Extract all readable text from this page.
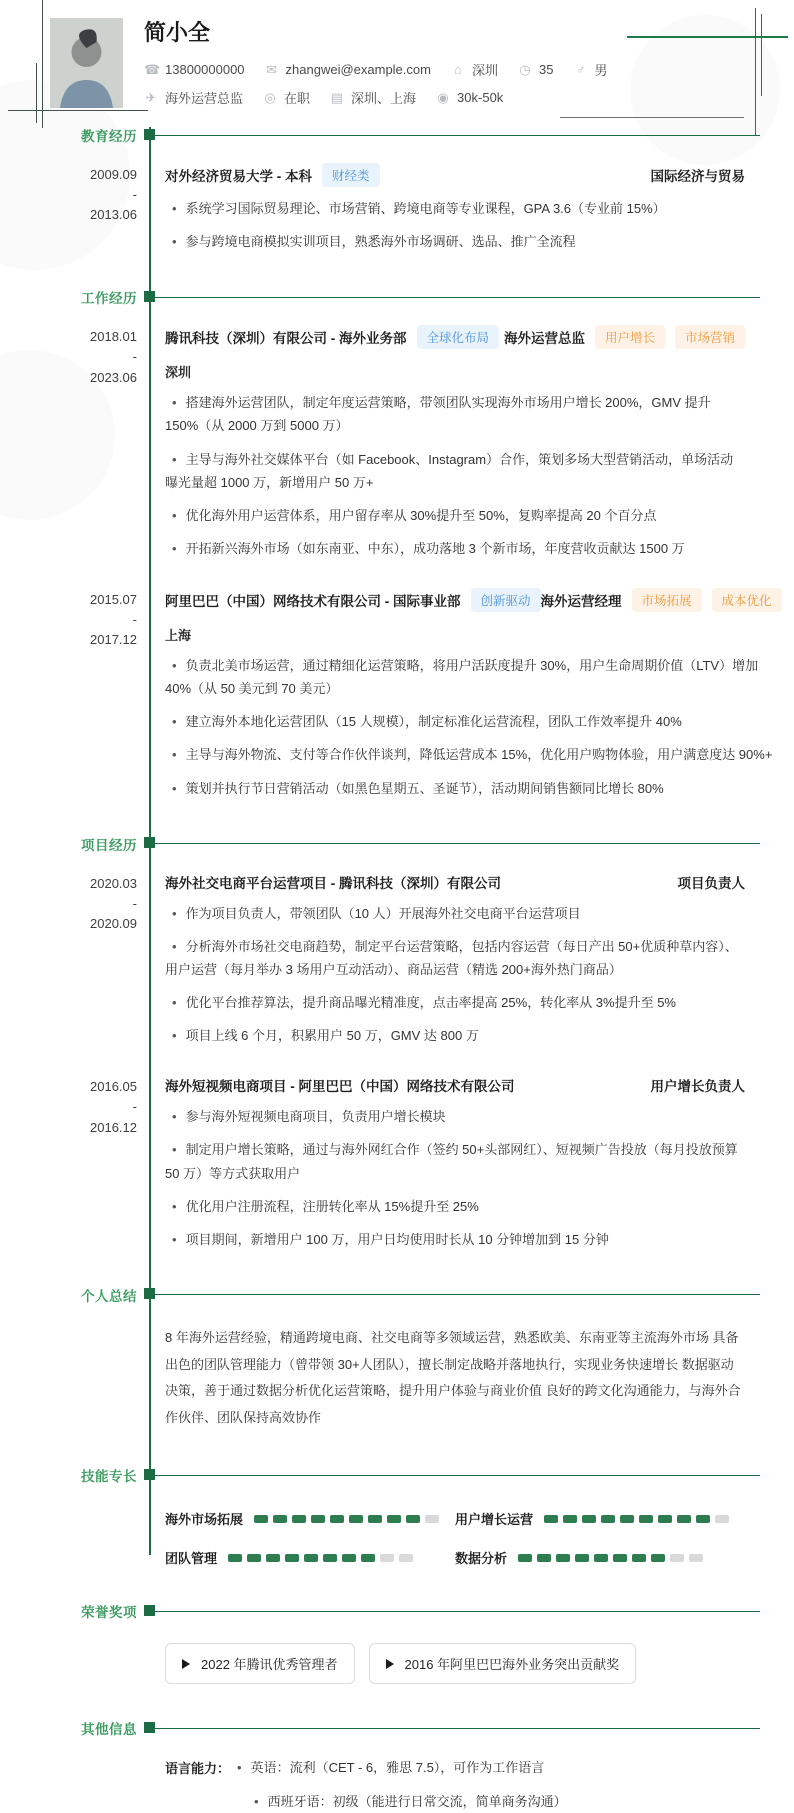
简小全
☎ 13800000000 ✉ zhangwei@example.com ⌂ 深圳 ◷ 35 ♂ 男
✈ 海外运营总监 ◎ 在职 ▤ 深圳、上海 ◉ 30k-50k
教育经历
2009.09
-
2013.06
对外经济贸易大学 - 本科	财经类	国际经济与贸易
• 系统学习国际贸易理论、市场营销、跨境电商等专业课程，GPA 3.6（专业前 15%）
• 参与跨境电商模拟实训项目，熟悉海外市场调研、选品、推广全流程
工作经历
2018.01
-
2023.06
腾讯科技（深圳）有限公司 - 海外业务部	全球化布局	海外运营总监	用户增长	市场营销
深圳
• 搭建海外运营团队，制定年度运营策略，带领团队实现海外市场用户增长 200%，GMV 提升 150%（从 2000 万到 5000 万）
• 主导与海外社交媒体平台（如 Facebook、Instagram）合作，策划多场大型营销活动，单场活动曝光量超 1000 万，新增用户 50 万+
• 优化海外用户运营体系，用户留存率从 30%提升至 50%，复购率提高 20 个百分点
• 开拓新兴海外市场（如东南亚、中东），成功落地 3 个新市场，年度营收贡献达 1500 万
2015.07
-
2017.12
阿里巴巴（中国）网络技术有限公司 - 国际事业部	创新驱动 海外运营经理	市场拓展	成本优化
上海
• 负责北美市场运营，通过精细化运营策略，将用户活跃度提升 30%，用户生命周期价值（LTV）增加 40%（从 50 美元到 70 美元）
• 建立海外本地化运营团队（15 人规模），制定标准化运营流程，团队工作效率提升 40%
• 主导与海外物流、支付等合作伙伴谈判，降低运营成本 15%，优化用户购物体验，用户满意度达 90%+
• 策划并执行节日营销活动（如黑色星期五、圣诞节），活动期间销售额同比增长 80%
项目经历
2020.03
-
2020.09
海外社交电商平台运营项目 - 腾讯科技（深圳）有限公司	项目负责人
• 作为项目负责人，带领团队（10 人）开展海外社交电商平台运营项目
• 分析海外市场社交电商趋势，制定平台运营策略，包括内容运营（每日产出 50+优质种草内容）、用户运营（每月举办 3 场用户互动活动）、商品运营（精选 200+海外热门商品）
• 优化平台推荐算法，提升商品曝光精准度，点击率提高 25%，转化率从 3%提升至 5%
• 项目上线 6 个月，积累用户 50 万，GMV 达 800 万
2016.05
-
2016.12
海外短视频电商项目 - 阿里巴巴（中国）网络技术有限公司	用户增长负责人
• 参与海外短视频电商项目，负责用户增长模块
• 制定用户增长策略，通过与海外网红合作（签约 50+头部网红）、短视频广告投放（每月投放预算 50 万）等方式获取用户
• 优化用户注册流程，注册转化率从 15%提升至 25%
• 项目期间，新增用户 100 万，用户日均使用时长从 10 分钟增加到 15 分钟
个人总结
8 年海外运营经验，精通跨境电商、社交电商等多领域运营，熟悉欧美、东南亚等主流海外市场 具备出色的团队管理能力（曾带领 30+人团队），擅长制定战略并落地执行，实现业务快速增长 数据驱动决策，善于通过数据分析优化运营策略，提升用户体验与商业价值 良好的跨文化沟通能力，与海外合作伙伴、团队保持高效协作
技能专长
海外市场拓展	用户增长运营
团队管理	数据分析
荣誉奖项
2022 年腾讯优秀管理者	2016 年阿里巴巴海外业务突出贡献奖
其他信息
语言能力：	• 英语：流利（CET - 6，雅思 7.5），可作为工作语言
• 西班牙语：初级（能进行日常交流，简单商务沟通）
